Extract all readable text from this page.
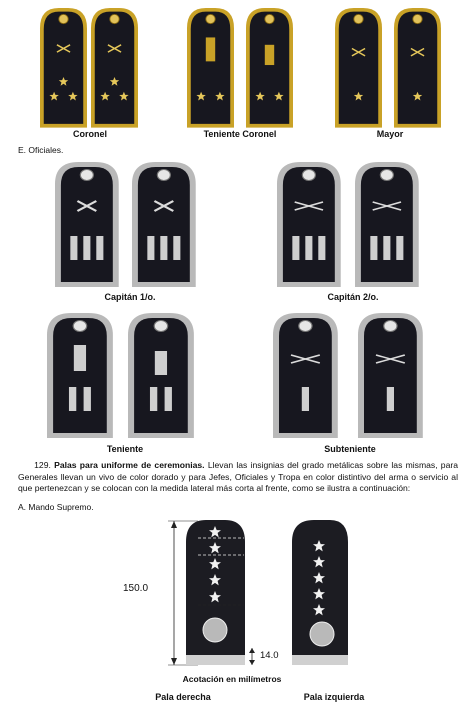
Coronel	Teniente Coronel	Mayor
E. Oficiales.
Capitán 1/o.	Capitán 2/o.
Teniente	Subteniente
129. Palas para uniforme de ceremonias. Llevan las insignias del grado metálicas sobre las mismas, para Generales llevan un vivo de color dorado y para Jefes, Oficiales y Tropa en color distintivo del arma o servicio al que pertenezcan y se colocan con la medida lateral más corta al frente, como se ilustra a continuación:
A. Mando Supremo.
150.0
14.0
Acotación en milímetros
Pala derecha	Pala izquierda
